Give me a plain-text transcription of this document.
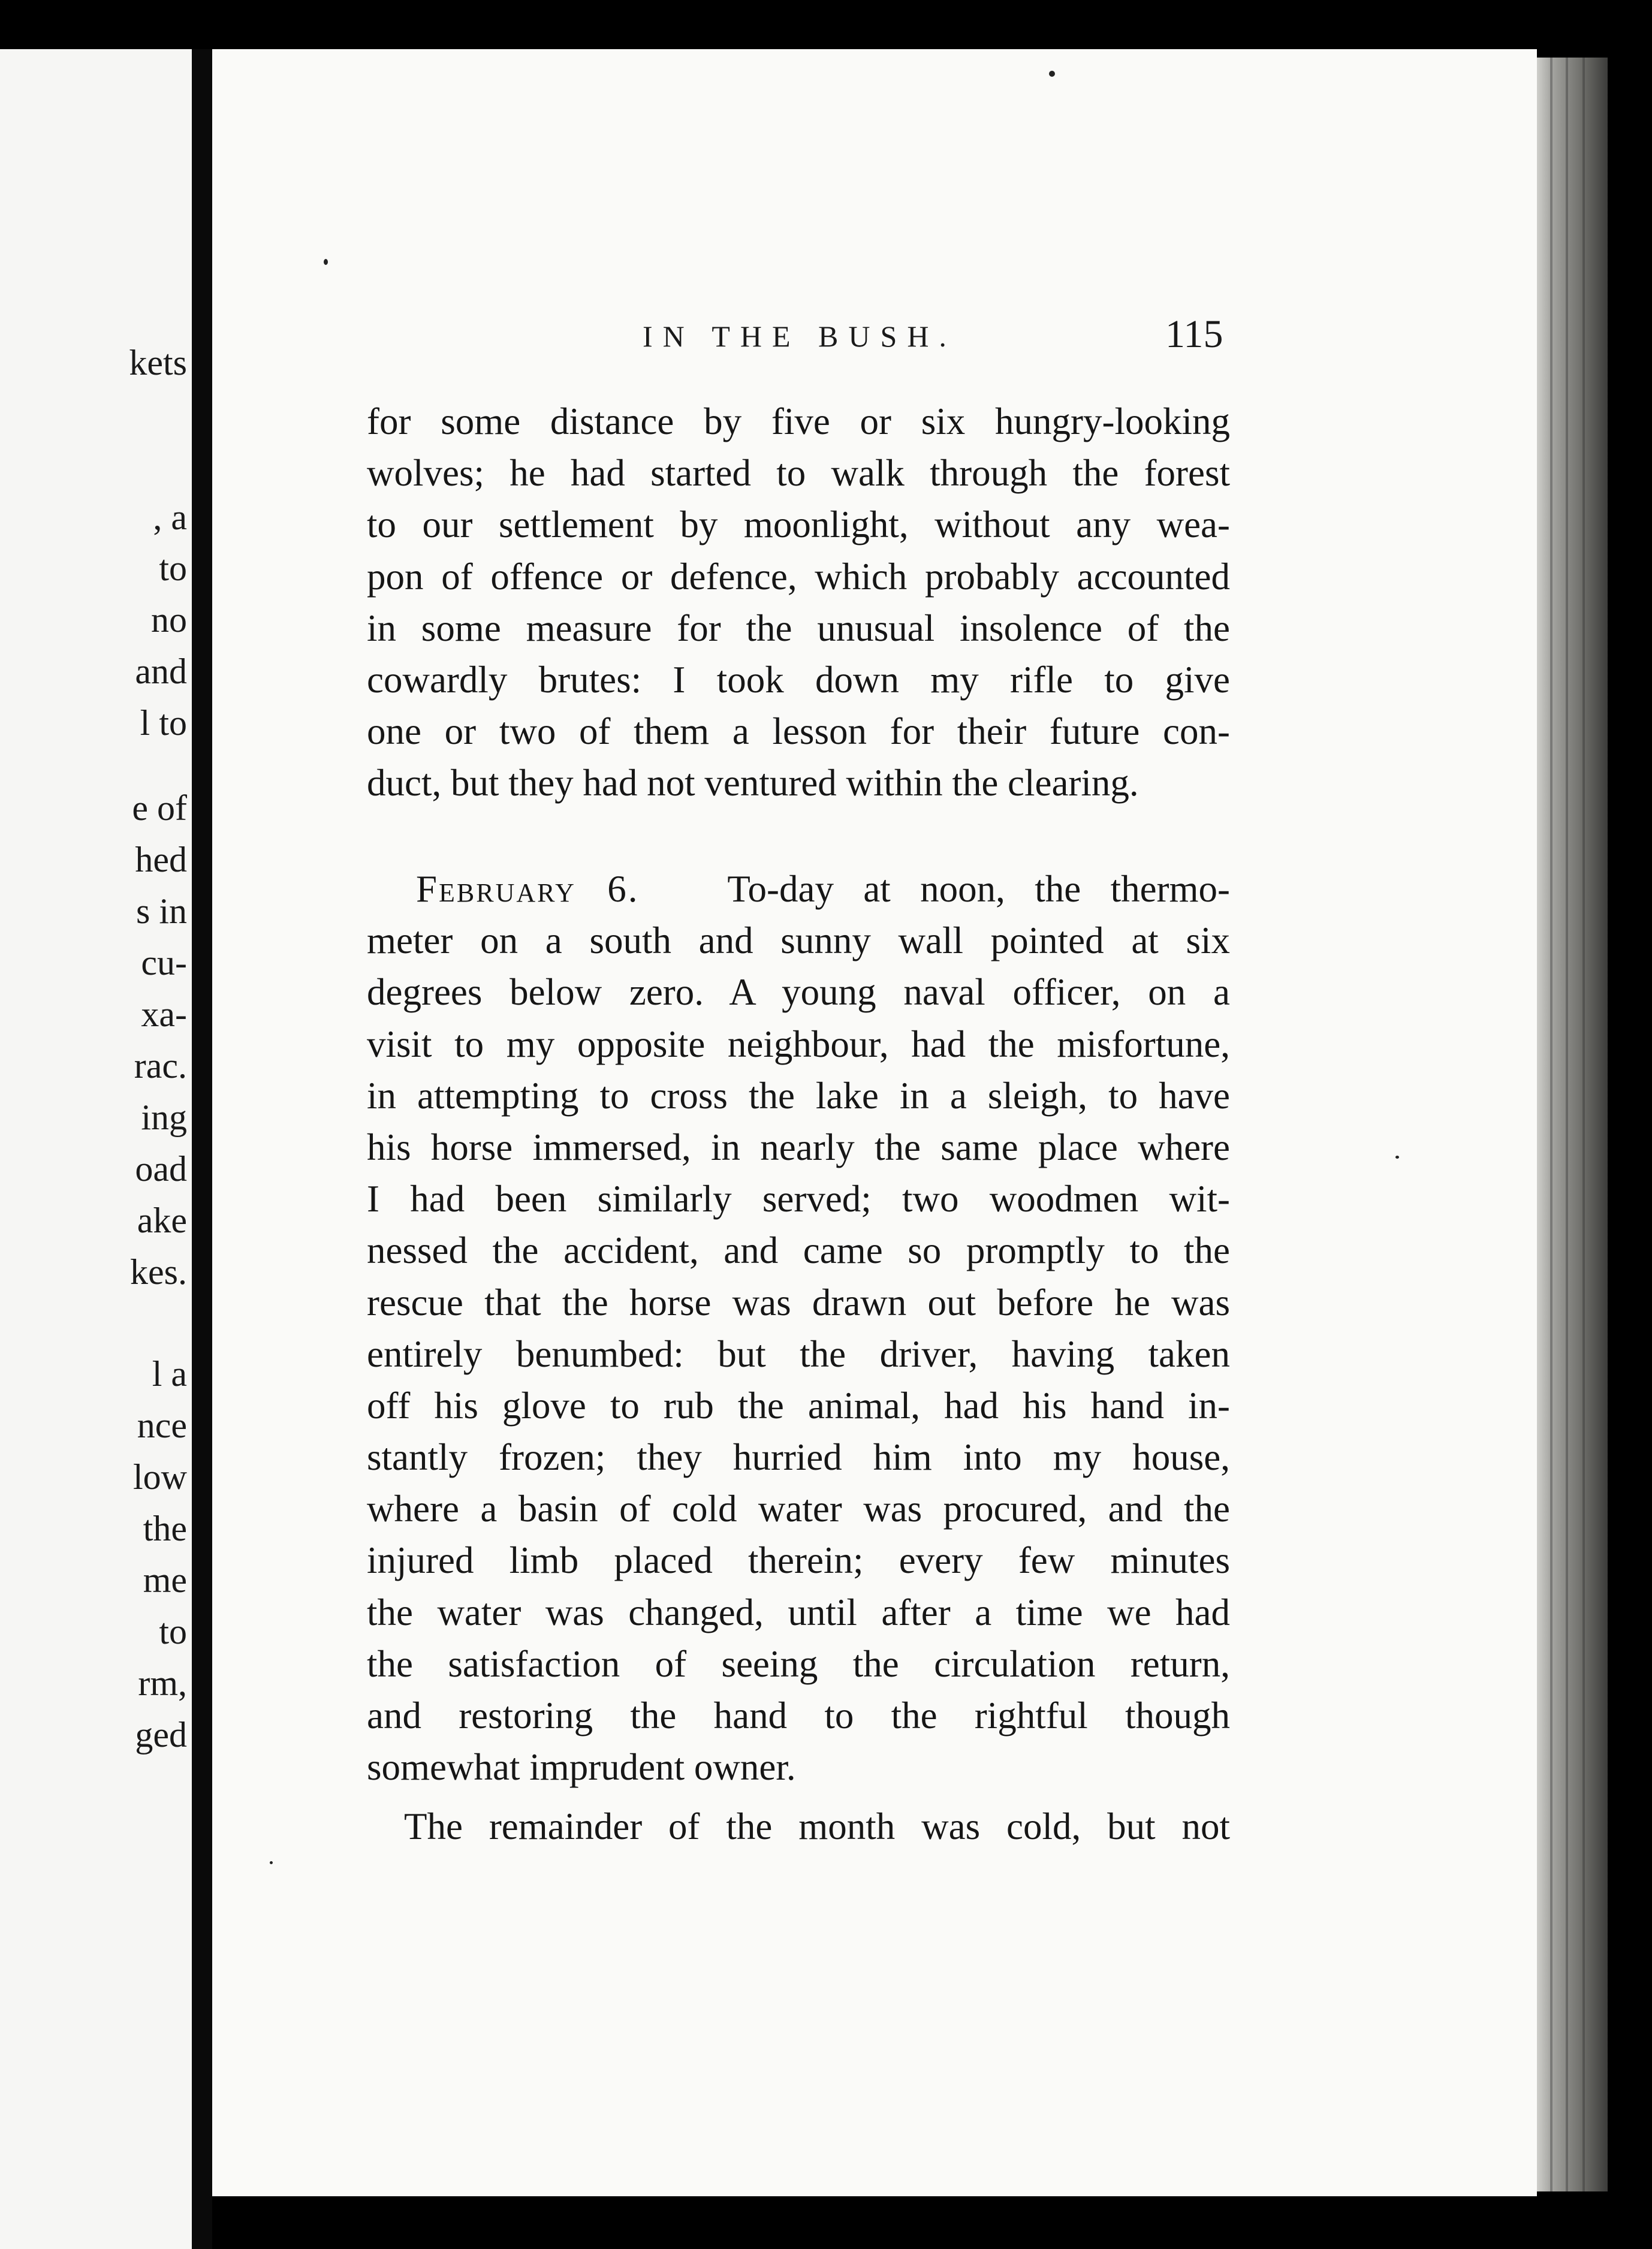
kets
, a
to
no
and
l to
e of
hed
s in
cu-
xa-
rac.
ing
oad
ake
kes.
l a
nce
low
the
me
to
rm,
ged
IN THE BUSH.	115
for some distance by five or six hungry-looking
wolves; he had started to walk through the forest
to our settlement by moonlight, without any wea-
pon of offence or defence, which probably accounted
in some measure for the unusual insolence of the
cowardly brutes: I took down my rifle to give
one or two of them a lesson for their future con-
duct, but they had not ventured within the clearing.
February 6. To-day at noon, the thermo-
meter on a south and sunny wall pointed at six
degrees below zero. A young naval officer, on a
visit to my opposite neighbour, had the misfortune,
in attempting to cross the lake in a sleigh, to have
his horse immersed, in nearly the same place where
I had been similarly served; two woodmen wit-
nessed the accident, and came so promptly to the
rescue that the horse was drawn out before he was
entirely benumbed: but the driver, having taken
off his glove to rub the animal, had his hand in-
stantly frozen; they hurried him into my house,
where a basin of cold water was procured, and the
injured limb placed therein; every few minutes
the water was changed, until after a time we had
the satisfaction of seeing the circulation return,
and restoring the hand to the rightful though
somewhat imprudent owner.
The remainder of the month was cold, but not
